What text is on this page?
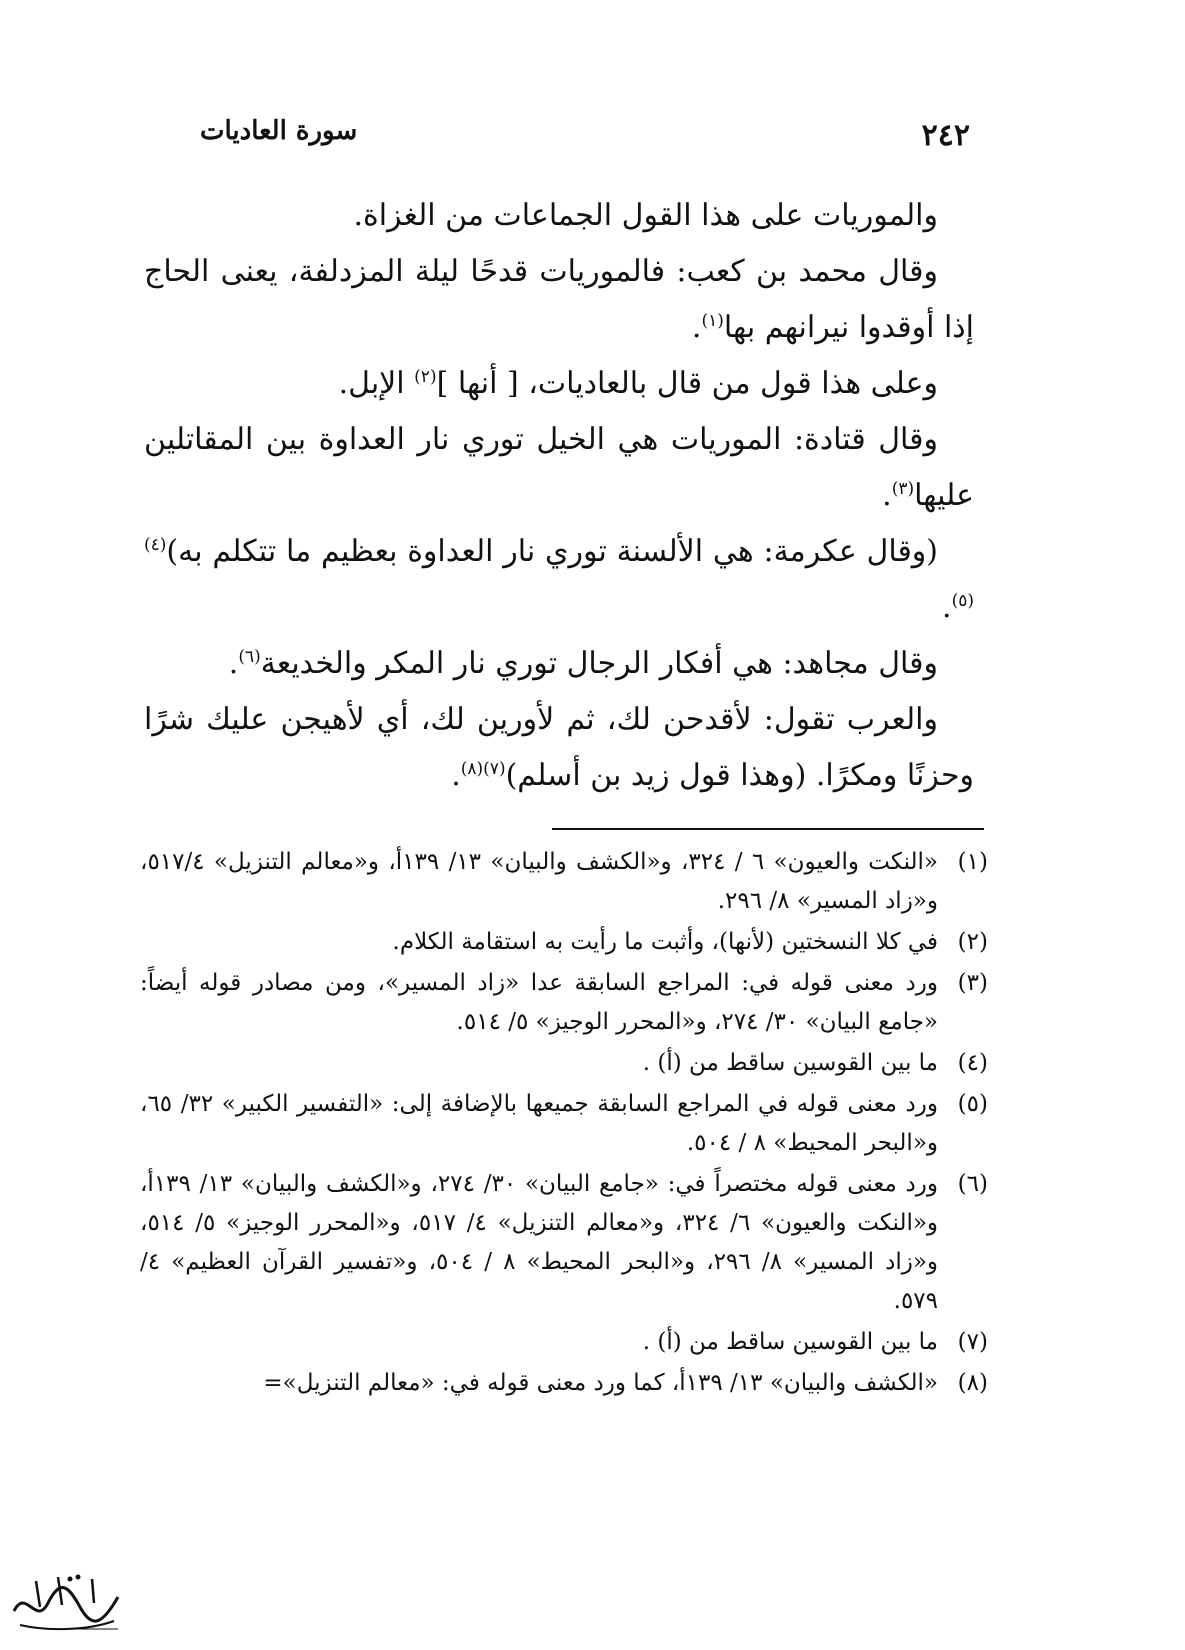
٢٤٢
سورة العاديات

والموريات على هذا القول الجماعات من الغزاة.

وقال محمد بن كعب: فالموريات قدحًا ليلة المزدلفة، يعنى الحاج إذا أوقدوا نيرانهم بها$^{(١)}$.

وعلى هذا قول من قال بالعاديات، [ أنها ]$^{(٢)}$ الإبل.

وقال قتادة: الموريات هي الخيل توري نار العداوة بين المقاتلين عليها$^{(٣)}$.

(وقال عكرمة: هي الألسنة توري نار العداوة بعظيم ما تتكلم به)$^{(٤)(٥)}$.

وقال مجاهد: هي أفكار الرجال توري نار المكر والخديعة$^{(٦)}$.

والعرب تقول: لأقدحن لك، ثم لأورين لك، أي لأهيجن عليك شرًا وحزنًا ومكرًا. (وهذا قول زيد بن أسلم)$^{(٧)(٨)}$.

(١)
«النكت والعيون» ٦ / ٣٢٤، و«الكشف والبيان» ١٣/ ١٣٩أ، و«معالم التنزيل» ٥١٧/٤، و«زاد المسير» ٨/ ٢٩٦.
(٢)
في كلا النسختين (لأنها)، وأثبت ما رأيت به استقامة الكلام.
(٣)
ورد معنى قوله في: المراجع السابقة عدا «زاد المسير»، ومن مصادر قوله أيضاً: «جامع البيان» ٣٠/ ٢٧٤، و«المحرر الوجيز» ٥/ ٥١٤.
(٤)
ما بين القوسين ساقط من (أ) .
(٥)
ورد معنى قوله في المراجع السابقة جميعها بالإضافة إلى: «التفسير الكبير» ٣٢/ ٦٥، و«البحر المحيط» ٨ / ٥٠٤.
(٦)
ورد معنى قوله مختصراً في: «جامع البيان» ٣٠/ ٢٧٤، و«الكشف والبيان» ١٣/ ١٣٩أ، و«النكت والعيون» ٦/ ٣٢٤، و«معالم التنزيل» ٤/ ٥١٧، و«المحرر الوجيز» ٥/ ٥١٤، و«زاد المسير» ٨/ ٢٩٦، و«البحر المحيط» ٨ / ٥٠٤، و«تفسير القرآن العظيم» ٤/ ٥٧٩.
(٧)
ما بين القوسين ساقط من (أ) .
(٨)
«الكشف والبيان» ١٣/ ١٣٩أ، كما ورد معنى قوله في: «معالم التنزيل»=
